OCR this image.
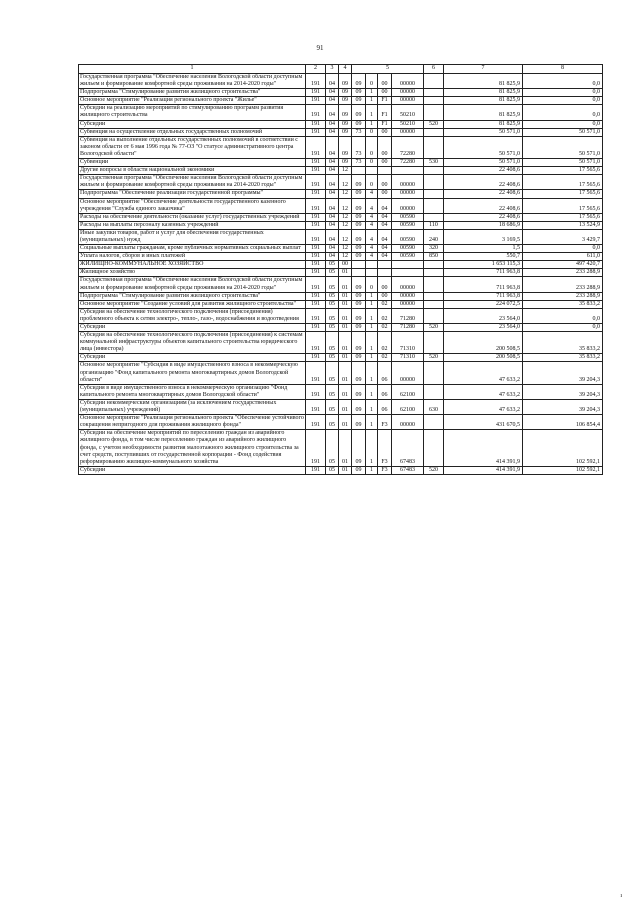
91
1	2	3	4	5				6	7	8
Государственная программа "Обеспечение населения Вологодской области доступным жильем и формирование комфортной среды проживания на 2014-2020 годы"	191	04	09	09	0	00	00000		81 825,9	0,0
Подпрограмма "Стимулирование развития жилищного строительства"	191	04	09	09	1	00	00000		81 825,9	0,0
Основное мероприятие "Реализация регионального проекта "Жилье"	191	04	09	09	1	F1	00000		81 825,9	0,0
Субсидии на реализацию мероприятий по стимулированию программ развития жилищного строительства	191	04	09	09	1	F1	50210		81 825,9	0,0
Субсидии	191	04	09	09	1	F1	50210	520	81 825,9	0,0
Субвенция на осуществление отдельных государственных полномочий	191	04	09	73	0	00	00000		50 571,0	50 571,0
Субвенция на выполнение отдельных государственных полномочий в соответствии с законом области от 6 мая 1996 года № 77-ОЗ "О статусе административного центра Вологодской области"	191	04	09	73	0	00	72280		50 571,0	50 571,0
Субвенции	191	04	09	73	0	00	72280	530	50 571,0	50 571,0
Другие вопросы в области национальной экономики	191	04	12						22 408,6	17 565,6
Государственная программа "Обеспечение населения Вологодской области доступным жильем и формирование комфортной среды проживания на 2014-2020 годы"	191	04	12	09	0	00	00000		22 408,6	17 565,6
Подпрограмма "Обеспечение реализации государственной программы"	191	04	12	09	4	00	00000		22 408,6	17 565,6
Основное мероприятие "Обеспечение деятельности государственного казенного учреждения "Служба единого заказчика"	191	04	12	09	4	04	00000		22 408,6	17 565,6
Расходы на обеспечение деятельности (оказание услуг) государственных учреждений	191	04	12	09	4	04	00590		22 408,6	17 565,6
Расходы на выплаты персоналу казенных учреждений	191	04	12	09	4	04	00590	110	18 686,9	13 524,9
Иные закупки товаров, работ и услуг для обеспечения государственных (муниципальных) нужд	191	04	12	09	4	04	00590	240	3 169,5	3 429,7
Социальные выплаты гражданам, кроме публичных нормативных социальных выплат	191	04	12	09	4	04	00590	320	1,5	0,0
Уплата налогов, сборов и иных платежей	191	04	12	09	4	04	00590	850	550,7	611,0
ЖИЛИЩНО-КОММУНАЛЬНОЕ ХОЗЯЙСТВО	191	05	00						1 653 115,3	497 420,7
Жилищное хозяйство	191	05	01						711 963,8	233 288,9
Государственная программа "Обеспечение населения Вологодской области доступным жильем и формирование комфортной среды проживания на 2014-2020 годы"	191	05	01	09	0	00	00000		711 963,8	233 288,9
Подпрограмма "Стимулирование развития жилищного строительства"	191	05	01	09	1	00	00000		711 963,8	233 288,9
Основное мероприятие "Создание условий для развития жилищного строительства"	191	05	01	09	1	02	00000		224 072,5	35 833,2
Субсидия на обеспечение технологического подключения (присоединения) проблемного объекта к сетям электро-, тепло-, газо-, водоснабжения и водоотведения	191	05	01	09	1	02	71280		23 564,0	0,0
Субсидии	191	05	01	09	1	02	71280	520	23 564,0	0,0
Субсидия на обеспечение технологического подключения (присоединения) к системам коммунальной инфраструктуры объектов капитального строительства юридического лица (инвестора)	191	05	01	09	1	02	71310		200 508,5	35 833,2
Субсидии	191	05	01	09	1	02	71310	520	200 508,5	35 833,2
Основное мероприятие "Субсидия в виде имущественного взноса в некоммерческую организацию "Фонд капитального ремонта многоквартирных домов Вологодской области"	191	05	01	09	1	06	00000		47 633,2	39 204,3
Субсидия в виде имущественного взноса в некоммерческую организацию "Фонд капитального ремонта многоквартирных домов Вологодской области"	191	05	01	09	1	06	62100		47 633,2	39 204,3
Субсидии некоммерческим организациям (за исключением государственных (муниципальных) учреждений)	191	05	01	09	1	06	62100	630	47 633,2	39 204,3
Основное мероприятие "Реализация регионального проекта "Обеспечение устойчивого сокращения непригодного для проживания жилищного фонда"	191	05	01	09	1	F3	00000		431 670,5	106 854,4
Субсидии на обеспечение мероприятий по переселению граждан из аварийного жилищного фонда, в том числе переселению граждан из аварийного жилищного фонда, с учетом необходимости развития малоэтажного жилищного строительства за счет средств, поступивших от государственной корпорации - Фонд содействия реформированию жилищно-коммунального хозяйства	191	05	01	09	1	F3	67483		414 391,9	102 592,1
Субсидии	191	05	01	09	1	F3	67483	520	414 391,9	102 592,1
ı
